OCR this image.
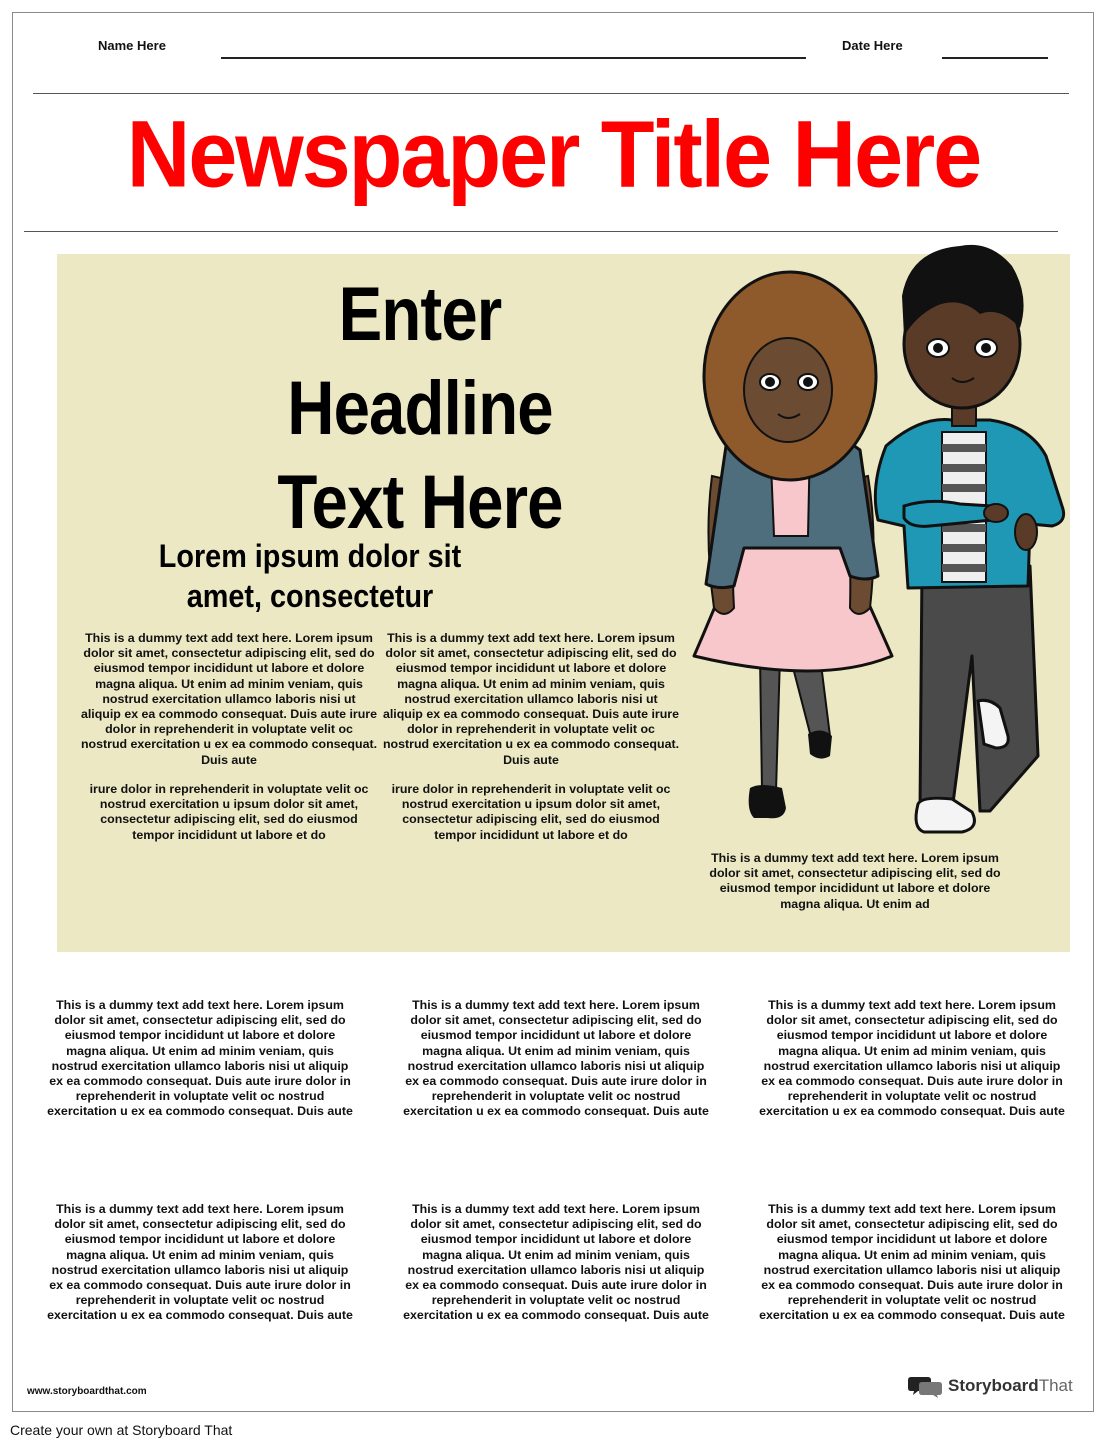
Name Here	Date Here
Newspaper Title Here
Enter
Headline
Text Here
Lorem ipsum dolor sit
amet, consectetur
This is a dummy text add text here. Lorem ipsum
dolor sit amet, consectetur adipiscing elit, sed do
eiusmod tempor incididunt ut labore et dolore
magna aliqua. Ut enim ad minim veniam, quis
nostrud exercitation ullamco laboris nisi ut
aliquip ex ea commodo consequat. Duis aute irure
dolor in reprehenderit in voluptate velit oc
nostrud exercitation u ex ea commodo consequat.
Duis aute
irure dolor in reprehenderit in voluptate velit oc
nostrud exercitation u ipsum dolor sit amet,
consectetur adipiscing elit, sed do eiusmod
tempor incididunt ut labore et do
This is a dummy text add text here. Lorem ipsum
dolor sit amet, consectetur adipiscing elit, sed do
eiusmod tempor incididunt ut labore et dolore
magna aliqua. Ut enim ad minim veniam, quis
nostrud exercitation ullamco laboris nisi ut
aliquip ex ea commodo consequat. Duis aute irure
dolor in reprehenderit in voluptate velit oc
nostrud exercitation u ex ea commodo consequat.
Duis aute
irure dolor in reprehenderit in voluptate velit oc
nostrud exercitation u ipsum dolor sit amet,
consectetur adipiscing elit, sed do eiusmod
tempor incididunt ut labore et do
This is a dummy text add text here. Lorem ipsum
dolor sit amet, consectetur adipiscing elit, sed do
eiusmod tempor incididunt ut labore et dolore
magna aliqua. Ut enim ad
This is a dummy text add text here. Lorem ipsum
dolor sit amet, consectetur adipiscing elit, sed do
eiusmod tempor incididunt ut labore et dolore
magna aliqua. Ut enim ad minim veniam, quis
nostrud exercitation ullamco laboris nisi ut aliquip
ex ea commodo consequat. Duis aute irure dolor in
reprehenderit in voluptate velit oc nostrud
exercitation u ex ea commodo consequat. Duis aute
This is a dummy text add text here. Lorem ipsum
dolor sit amet, consectetur adipiscing elit, sed do
eiusmod tempor incididunt ut labore et dolore
magna aliqua. Ut enim ad minim veniam, quis
nostrud exercitation ullamco laboris nisi ut aliquip
ex ea commodo consequat. Duis aute irure dolor in
reprehenderit in voluptate velit oc nostrud
exercitation u ex ea commodo consequat. Duis aute
This is a dummy text add text here. Lorem ipsum
dolor sit amet, consectetur adipiscing elit, sed do
eiusmod tempor incididunt ut labore et dolore
magna aliqua. Ut enim ad minim veniam, quis
nostrud exercitation ullamco laboris nisi ut aliquip
ex ea commodo consequat. Duis aute irure dolor in
reprehenderit in voluptate velit oc nostrud
exercitation u ex ea commodo consequat. Duis aute
This is a dummy text add text here. Lorem ipsum
dolor sit amet, consectetur adipiscing elit, sed do
eiusmod tempor incididunt ut labore et dolore
magna aliqua. Ut enim ad minim veniam, quis
nostrud exercitation ullamco laboris nisi ut aliquip
ex ea commodo consequat. Duis aute irure dolor in
reprehenderit in voluptate velit oc nostrud
exercitation u ex ea commodo consequat. Duis aute
This is a dummy text add text here. Lorem ipsum
dolor sit amet, consectetur adipiscing elit, sed do
eiusmod tempor incididunt ut labore et dolore
magna aliqua. Ut enim ad minim veniam, quis
nostrud exercitation ullamco laboris nisi ut aliquip
ex ea commodo consequat. Duis aute irure dolor in
reprehenderit in voluptate velit oc nostrud
exercitation u ex ea commodo consequat. Duis aute
This is a dummy text add text here. Lorem ipsum
dolor sit amet, consectetur adipiscing elit, sed do
eiusmod tempor incididunt ut labore et dolore
magna aliqua. Ut enim ad minim veniam, quis
nostrud exercitation ullamco laboris nisi ut aliquip
ex ea commodo consequat. Duis aute irure dolor in
reprehenderit in voluptate velit oc nostrud
exercitation u ex ea commodo consequat. Duis aute
www.storyboardthat.com	StoryboardThat
Create your own at Storyboard That
